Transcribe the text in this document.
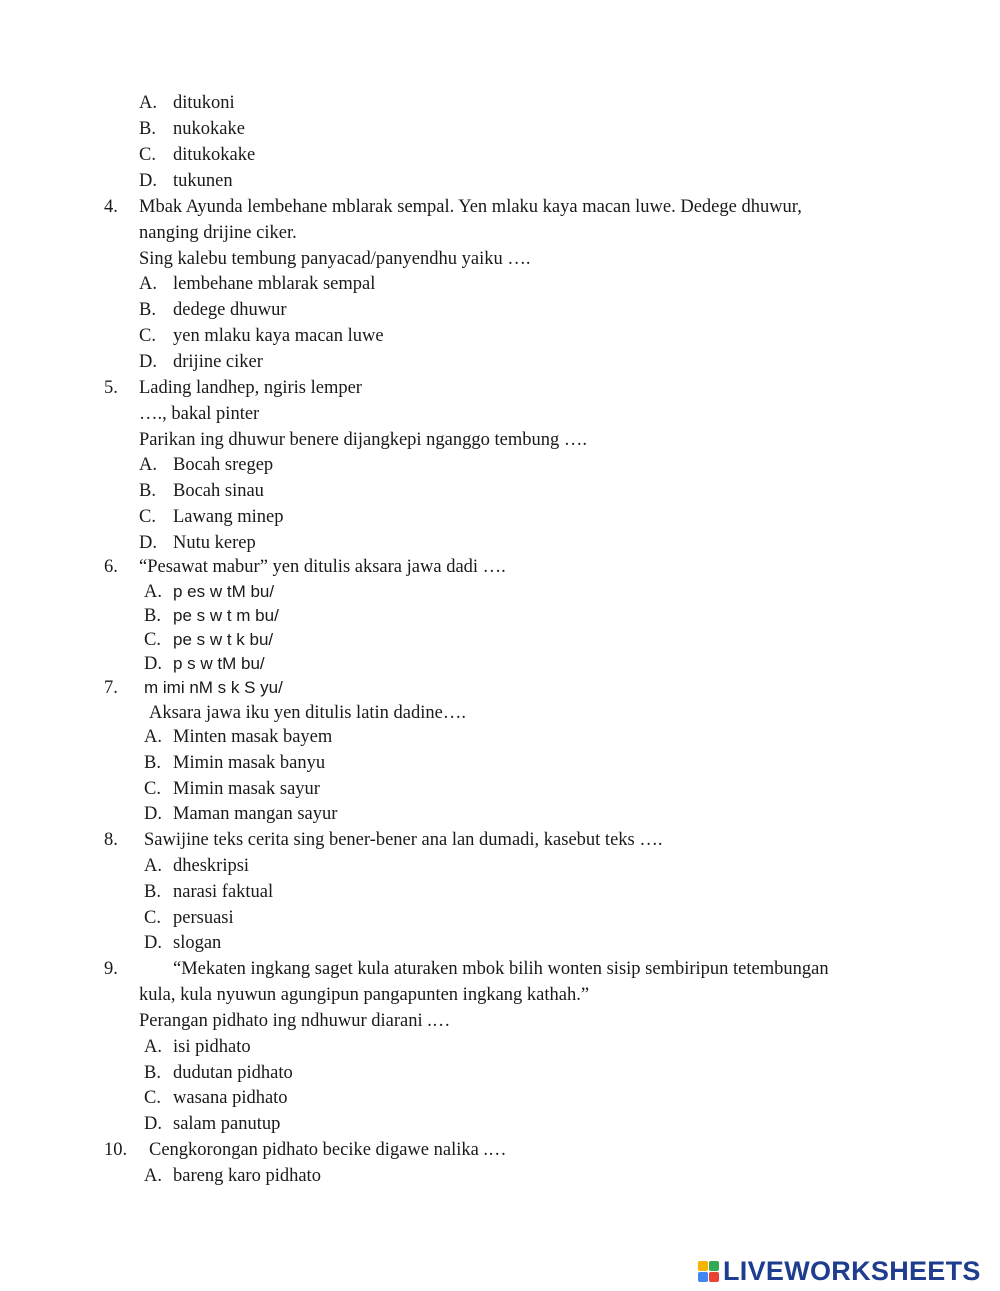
A. ditukoni
B. nukokake
C. ditukokake
D. tukunen
4. Mbak Ayunda lembehane mblarak sempal. Yen mlaku kaya macan luwe. Dedege dhuwur,
nanging drijine ciker.
Sing kalebu tembung panyacad/panyendhu yaiku ….
A. lembehane mblarak sempal
B. dedege dhuwur
C. yen mlaku kaya macan luwe
D. drijine ciker
5. Lading landhep, ngiris lemper
…., bakal pinter
Parikan ing dhuwur benere dijangkepi nganggo tembung ….
A. Bocah sregep
B. Bocah sinau
C. Lawang minep
D. Nutu kerep
6. “Pesawat mabur” yen ditulis aksara jawa dadi ….
A. p es w tM bu/
B. pe s w t m bu/
C. pe s w t k bu/
D. p s w tM bu/
7. m imi nM s k S yu/
Aksara jawa iku yen ditulis latin dadine….
A. Minten masak bayem
B. Mimin masak banyu
C. Mimin masak sayur
D. Maman mangan sayur
8. Sawijine teks cerita sing bener-bener ana lan dumadi, kasebut teks ….
A. dheskripsi
B. narasi faktual
C. persuasi
D. slogan
9.	“Mekaten ingkang saget kula aturaken mbok bilih wonten sisip sembiripun tetembungan
kula, kula nyuwun agungipun pangapunten ingkang kathah.”
Perangan pidhato ing ndhuwur diarani .…
A. isi pidhato
B. dudutan pidhato
C. wasana pidhato
D. salam panutup
10. Cengkorongan pidhato becike digawe nalika .…
A. bareng karo pidhato
LIVEWORKSHEETS
